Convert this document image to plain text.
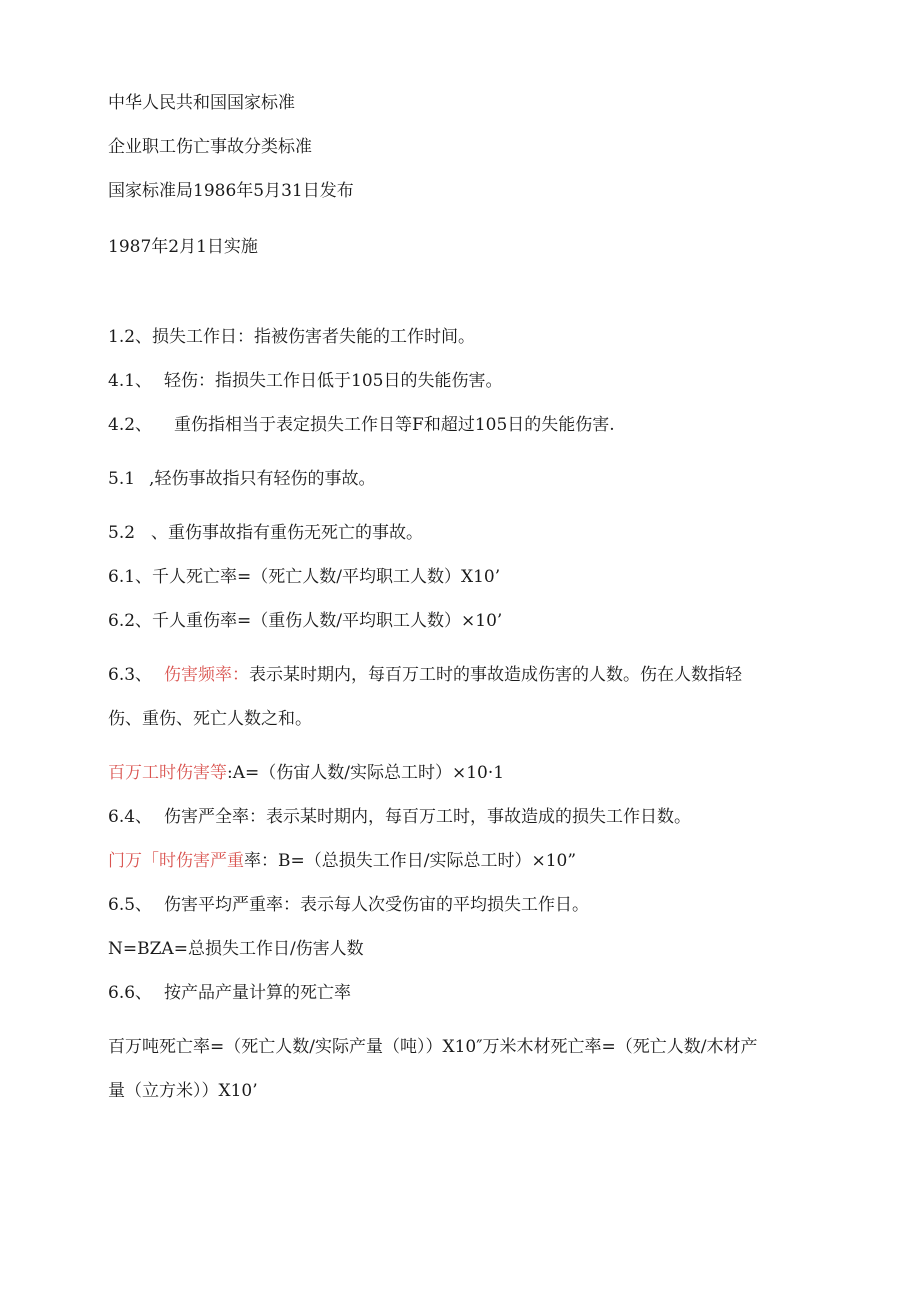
中华人民共和国国家标准
企业职工伤亡事故分类标准
国家标准局1986年5月31日发布
1987年2月1日实施
1.2、损失工作日：指被伤害者失能的工作时间。
4.1、 轻伤：指损失工作日低于105日的失能伤害。
4.2、 重伤指相当于表定损失工作日等F和超过105日的失能伤害.
5.1 ,轻伤事故指只有轻伤的事故。
5.2 、重伤事故指有重伤无死亡的事故。
6.1、千人死亡率=（死亡人数/平均职工人数）X10’
6.2、千人重伤率=（重伤人数/平均职工人数）×10’
6.3、 伤害频率：表示某时期内，每百万工时的事故造成伤害的人数。伤在人数指轻
伤、重伤、死亡人数之和。
百万工时伤害等:A=（伤宙人数/实际总工时）×10·1
6.4、 伤害严全率：表示某时期内，每百万工时，事故造成的损失工作日数。
门万「时伤害严重率：B=（总损失工作日/实际总工时）×10”
6.5、 伤害平均严重率：表示每人次受伤宙的平均损失工作日。
N=BZA=总损失工作日/伤害人数
6.6、 按产品产量计算的死亡率
百万吨死亡率=（死亡人数/实际产量（吨））X10″万米木材死亡率=（死亡人数/木材产
量（立方米））X10’
